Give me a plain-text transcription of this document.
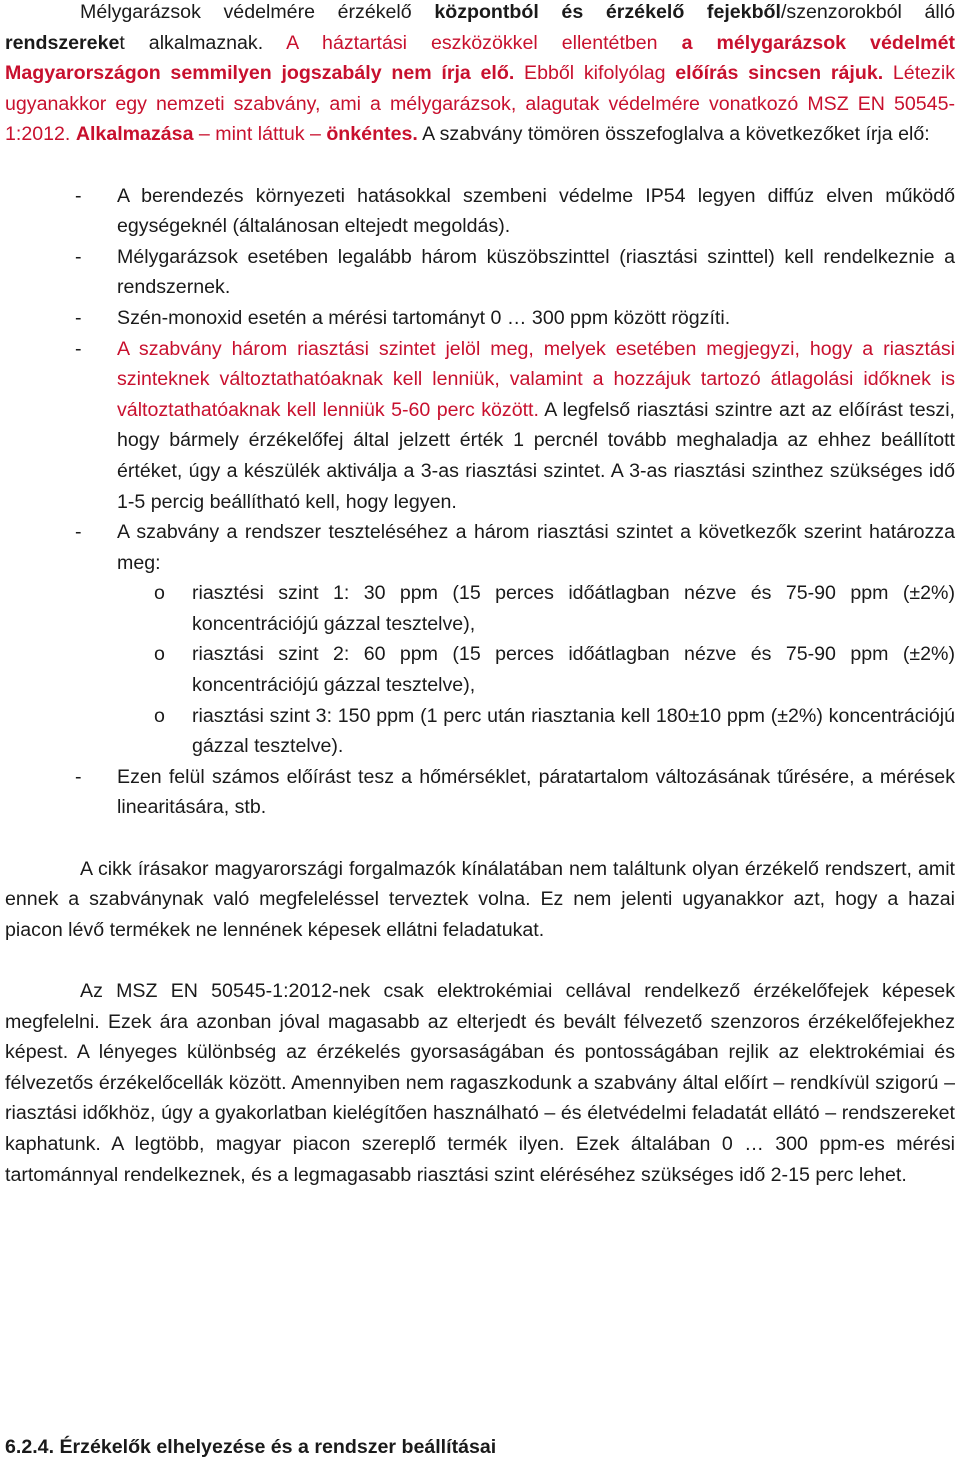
Mélygarázsok védelmére érzékelő központból és érzékelő fejekből/szenzorokból álló rendszereket alkalmaznak. A háztartási eszközökkel ellentétben a mélygarázsok védelmét Magyarországon semmilyen jogszabály nem írja elő. Ebből kifolyólag előírás sincsen rájuk. Létezik ugyanakkor egy nemzeti szabvány, ami a mélygarázsok, alagutak védelmére vonatkozó MSZ EN 50545-1:2012. Alkalmazása – mint láttuk – önkéntes. A szabvány tömören összefoglalva a következőket írja elő:

- A berendezés környezeti hatásokkal szembeni védelme IP54 legyen diffúz elven működő egységeknél (általánosan eltejedt megoldás).
- Mélygarázsok esetében legalább három küszöbszinttel (riasztási szinttel) kell rendelkeznie a rendszernek.
- Szén-monoxid esetén a mérési tartományt 0 … 300 ppm között rögzíti.
- A szabvány három riasztási szintet jelöl meg, melyek esetében megjegyzi, hogy a riasztási szinteknek változtathatóaknak kell lenniük, valamint a hozzájuk tartozó átlagolási időknek is változtathatóaknak kell lenniük 5-60 perc között. A legfelső riasztási szintre azt az előírást teszi, hogy bármely érzékelőfej által jelzett érték 1 percnél tovább meghaladja az ehhez beállított értéket, úgy a készülék aktiválja a 3-as riasztási szintet. A 3-as riasztási szinthez szükséges idő 1-5 percig beállítható kell, hogy legyen.
- A szabvány a rendszer teszteléséhez a három riasztási szintet a következők szerint határozza meg:
o riasztési szint 1: 30 ppm (15 perces időátlagban nézve és 75-90 ppm (±2%) koncentrációjú gázzal tesztelve),
o riasztási szint 2: 60 ppm (15 perces időátlagban nézve és 75-90 ppm (±2%) koncentrációjú gázzal tesztelve),
o riasztási szint 3: 150 ppm (1 perc után riasztania kell 180±10 ppm (±2%) koncentrációjú gázzal tesztelve).
- Ezen felül számos előírást tesz a hőmérséklet, páratartalom változásának tűrésére, a mérések linearitására, stb.

A cikk írásakor magyarországi forgalmazók kínálatában nem találtunk olyan érzékelő rendszert, amit ennek a szabványnak való megfeleléssel terveztek volna. Ez nem jelenti ugyanakkor azt, hogy a hazai piacon lévő termékek ne lennének képesek ellátni feladatukat.

Az MSZ EN 50545-1:2012-nek csak elektrokémiai cellával rendelkező érzékelőfejek képesek megfelelni. Ezek ára azonban jóval magasabb az elterjedt és bevált félvezető szenzoros érzékelőfejekhez képest. A lényeges különbség az érzékelés gyorsaságában és pontosságában rejlik az elektrokémiai és félvezetős érzékelőcellák között. Amennyiben nem ragaszkodunk a szabvány által előírt – rendkívül szigorú – riasztási időkhöz, úgy a gyakorlatban kielégítően használható – és életvédelmi feladatát ellátó – rendszereket kaphatunk. A legtöbb, magyar piacon szereplő termék ilyen. Ezek általában 0 … 300 ppm-es mérési tartománnyal rendelkeznek, és a legmagasabb riasztási szint eléréséhez szükséges idő 2-15 perc lehet.

6.2.4. Érzékelők elhelyezése és a rendszer beállításai
